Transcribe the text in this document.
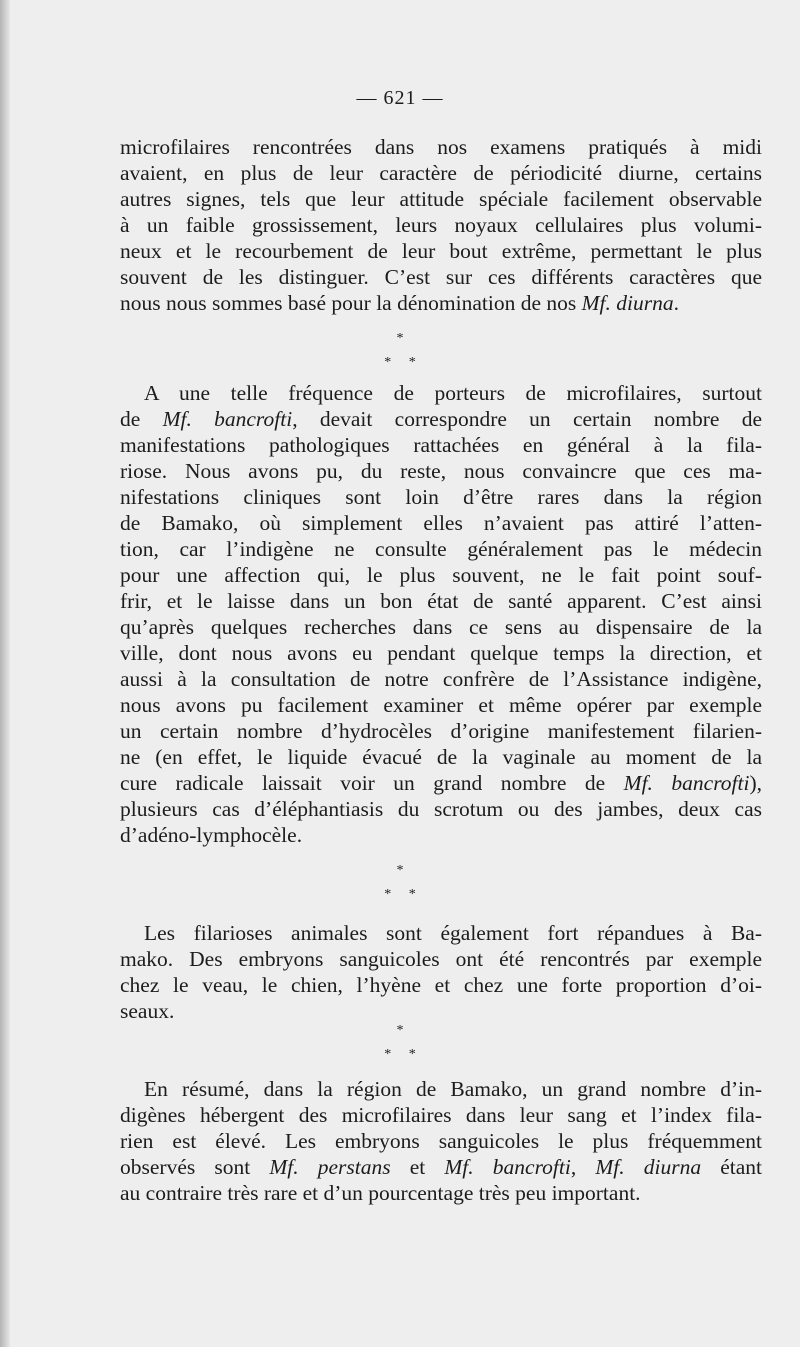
— 621 —
microfilaires rencontrées dans nos examens pratiqués à midi
avaient, en plus de leur caractère de périodicité diurne, certains
autres signes, tels que leur attitude spéciale facilement observable
à un faible grossissement, leurs noyaux cellulaires plus volumi-
neux et le recourbement de leur bout extrême, permettant le plus
souvent de les distinguer. C’est sur ces différents caractères que
nous nous sommes basé pour la dénomination de nos Mf. diurna.
*
* *
A une telle fréquence de porteurs de microfilaires, surtout
de Mf. bancrofti, devait correspondre un certain nombre de
manifestations pathologiques rattachées en général à la fila-
riose. Nous avons pu, du reste, nous convaincre que ces ma-
nifestations cliniques sont loin d’être rares dans la région
de Bamako, où simplement elles n’avaient pas attiré l’atten-
tion, car l’indigène ne consulte généralement pas le médecin
pour une affection qui, le plus souvent, ne le fait point souf-
frir, et le laisse dans un bon état de santé apparent. C’est ainsi
qu’après quelques recherches dans ce sens au dispensaire de la
ville, dont nous avons eu pendant quelque temps la direction, et
aussi à la consultation de notre confrère de l’Assistance indigène,
nous avons pu facilement examiner et même opérer par exemple
un certain nombre d’hydrocèles d’origine manifestement filarien-
ne (en effet, le liquide évacué de la vaginale au moment de la
cure radicale laissait voir un grand nombre de Mf. bancrofti),
plusieurs cas d’éléphantiasis du scrotum ou des jambes, deux cas
d’adéno-lymphocèle.
*
* *
Les filarioses animales sont également fort répandues à Ba-
mako. Des embryons sanguicoles ont été rencontrés par exemple
chez le veau, le chien, l’hyène et chez une forte proportion d’oi-
seaux.
*
* *
En résumé, dans la région de Bamako, un grand nombre d’in-
digènes hébergent des microfilaires dans leur sang et l’index fila-
rien est élevé. Les embryons sanguicoles le plus fréquemment
observés sont Mf. perstans et Mf. bancrofti, Mf. diurna étant
au contraire très rare et d’un pourcentage très peu important.
